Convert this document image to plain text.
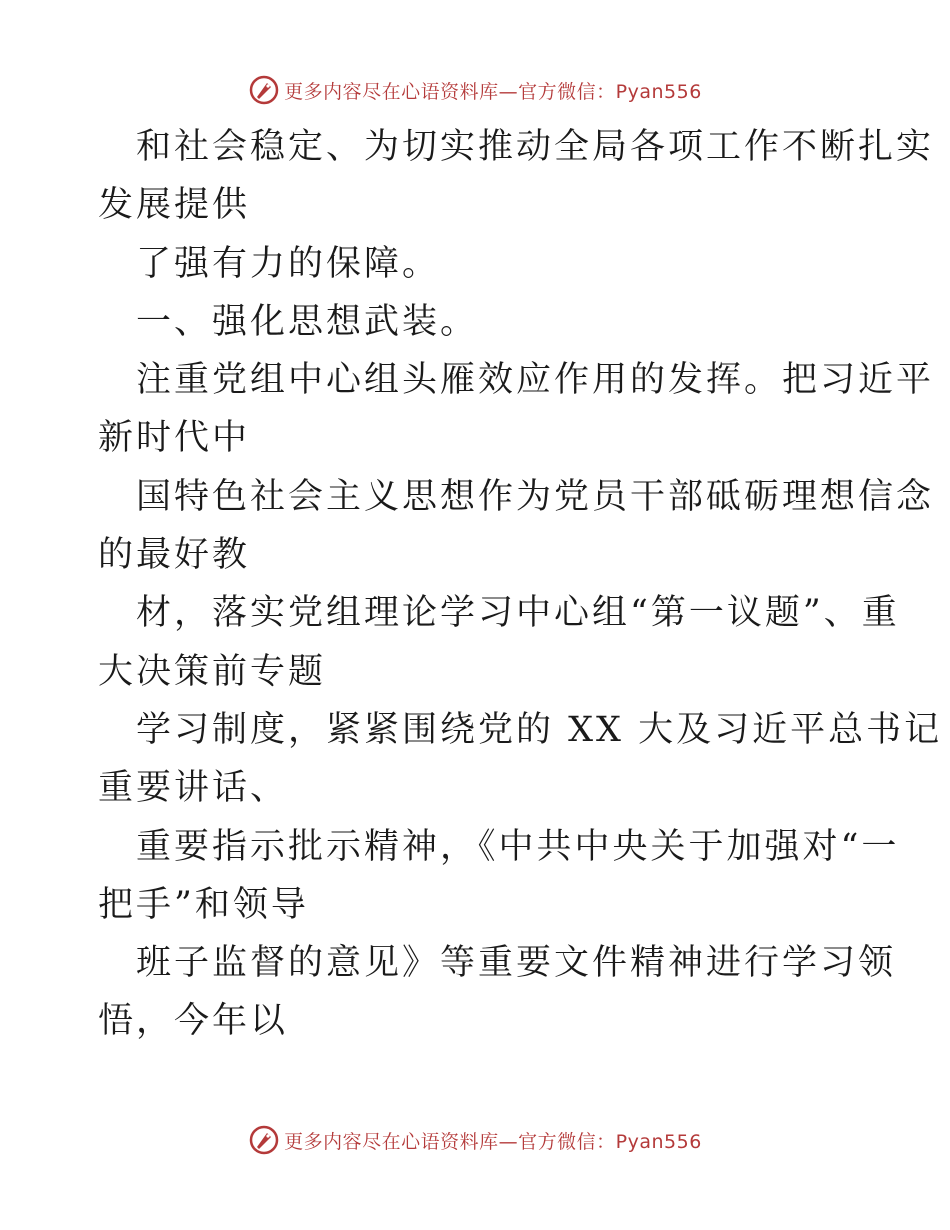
更多内容尽在心语资料库—官方微信：Pyan556
和社会稳定、为切实推动全局各项工作不断扎实
发展提供
了强有力的保障。
一、强化思想武装。
注重党组中心组头雁效应作用的发挥。把习近平
新时代中
国特色社会主义思想作为党员干部砥砺理想信念
的最好教
材，落实党组理论学习中心组“第一议题”、重
大决策前专题
学习制度，紧紧围绕党的 XX 大及习近平总书记
重要讲话、
重要指示批示精神，《中共中央关于加强对“一
把手”和领导
班子监督的意见》等重要文件精神进行学习领
悟，今年以
更多内容尽在心语资料库—官方微信：Pyan556
